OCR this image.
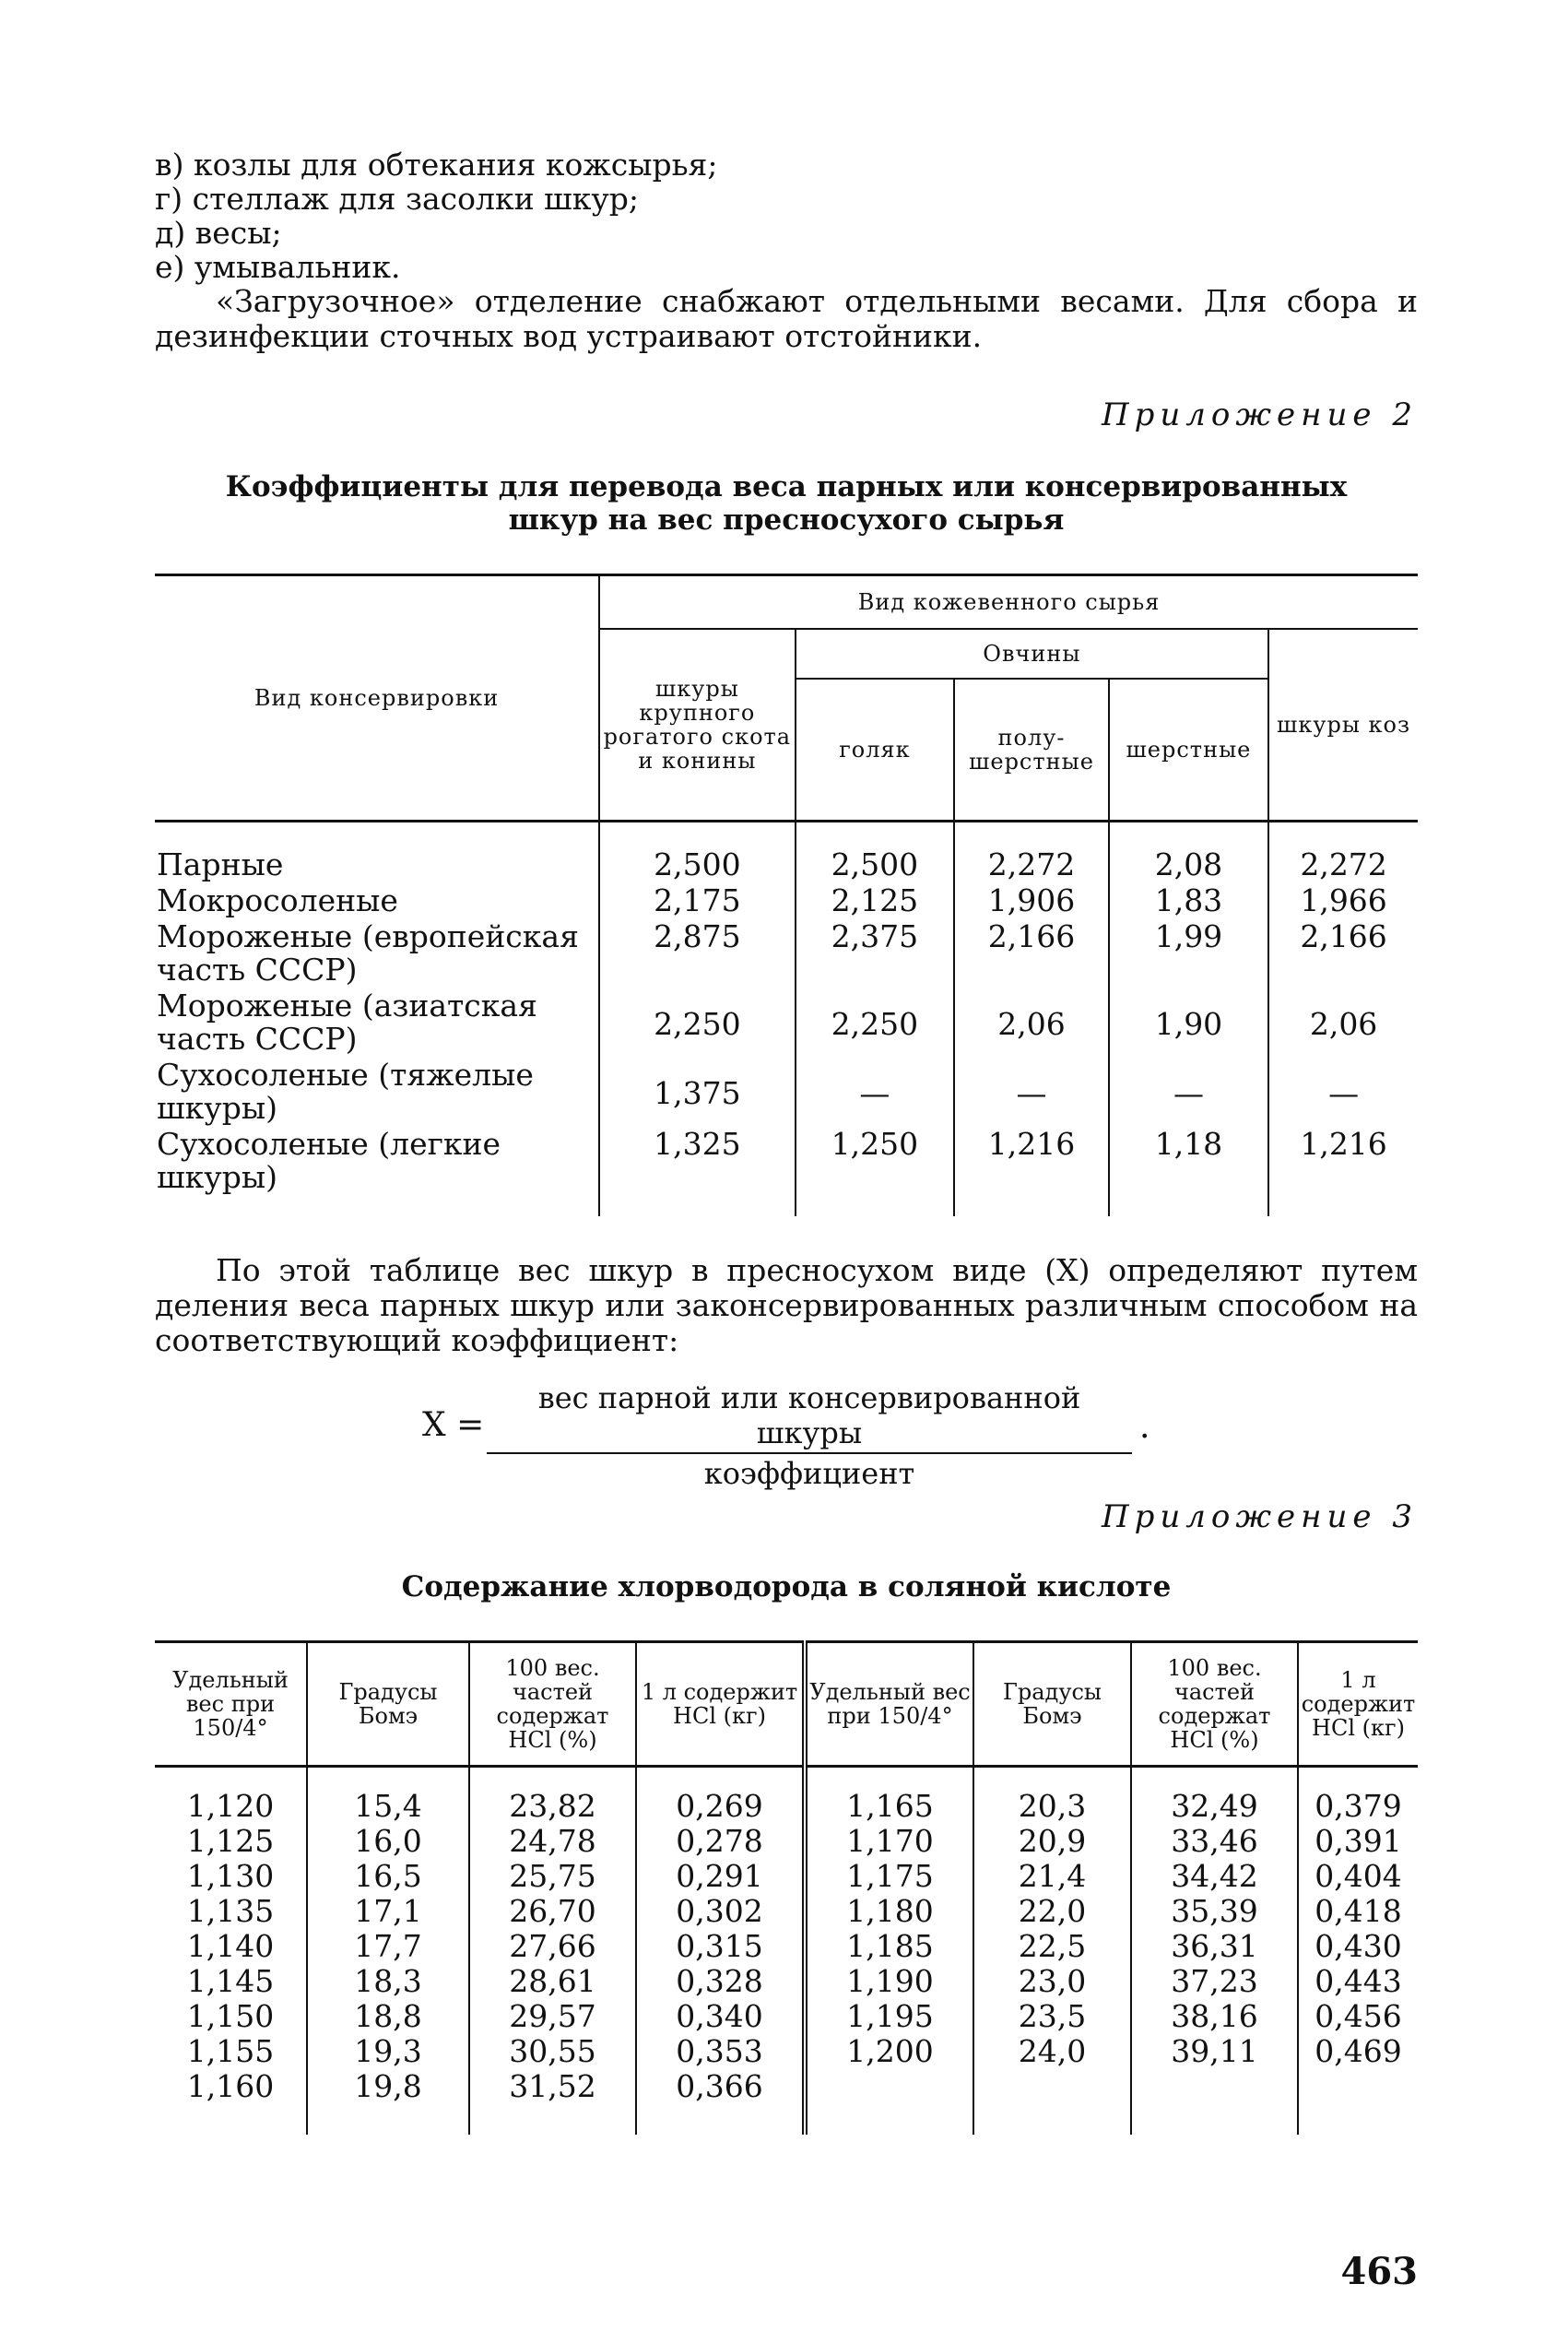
в) козлы для обтекания кожсырья;

г) стеллаж для засолки шкур;

д) весы;

е) умывальник.

«Загрузочное» отделение снабжают отдельными весами. Для сбора и дезинфекции сточных вод устраивают отстойники.

Приложение 2

Коэффициенты для перевода веса парных или консервированных шкур на вес пресносухого сырья

Вид консервировки	Вид кожевенного сырья				
	шкуры крупного рогатого скота и конины	Овчины			шкуры коз
		голяк	полу- шерстные	шерстные	
Парные	2,500	2,500	2,272	2,08	2,272
Мокросоленые	2,175	2,125	1,906	1,83	1,966
Мороженые (европейская часть СССР)	2,875	2,375	2,166	1,99	2,166
Мороженые (азиатская часть СССР)	2,250	2,250	2,06	1,90	2,06
Сухосоленые (тяжелые шкуры)	1,375	—	—	—	—
Сухосоленые (легкие шкуры)	1,325	1,250	1,216	1,18	1,216

По этой таблице вес шкур в пресносухом виде (X) определяют путем деления веса парных шкур или законсервированных различным способом на соответствующий коэффициент:

X =
вес парной или консервированной шкуры
коэффициент
.

Приложение 3

Содержание хлорводорода в соляной кислоте

Удельный вес при 150/4°	Градусы Бомэ	100 вес. частей содержат HCl (%)	1 л содержит HCl (кг)	Удельный вес при 150/4°	Градусы Бомэ	100 вес. частей содержат HCl (%)	1 л содержит HCl (кг)
1,120	15,4	23,82	0,269	1,165	20,3	32,49	0,379
1,125	16,0	24,78	0,278	1,170	20,9	33,46	0,391
1,130	16,5	25,75	0,291	1,175	21,4	34,42	0,404
1,135	17,1	26,70	0,302	1,180	22,0	35,39	0,418
1,140	17,7	27,66	0,315	1,185	22,5	36,31	0,430
1,145	18,3	28,61	0,328	1,190	23,0	37,23	0,443
1,150	18,8	29,57	0,340	1,195	23,5	38,16	0,456
1,155	19,3	30,55	0,353	1,200	24,0	39,11	0,469
1,160	19,8	31,52	0,366				
463
